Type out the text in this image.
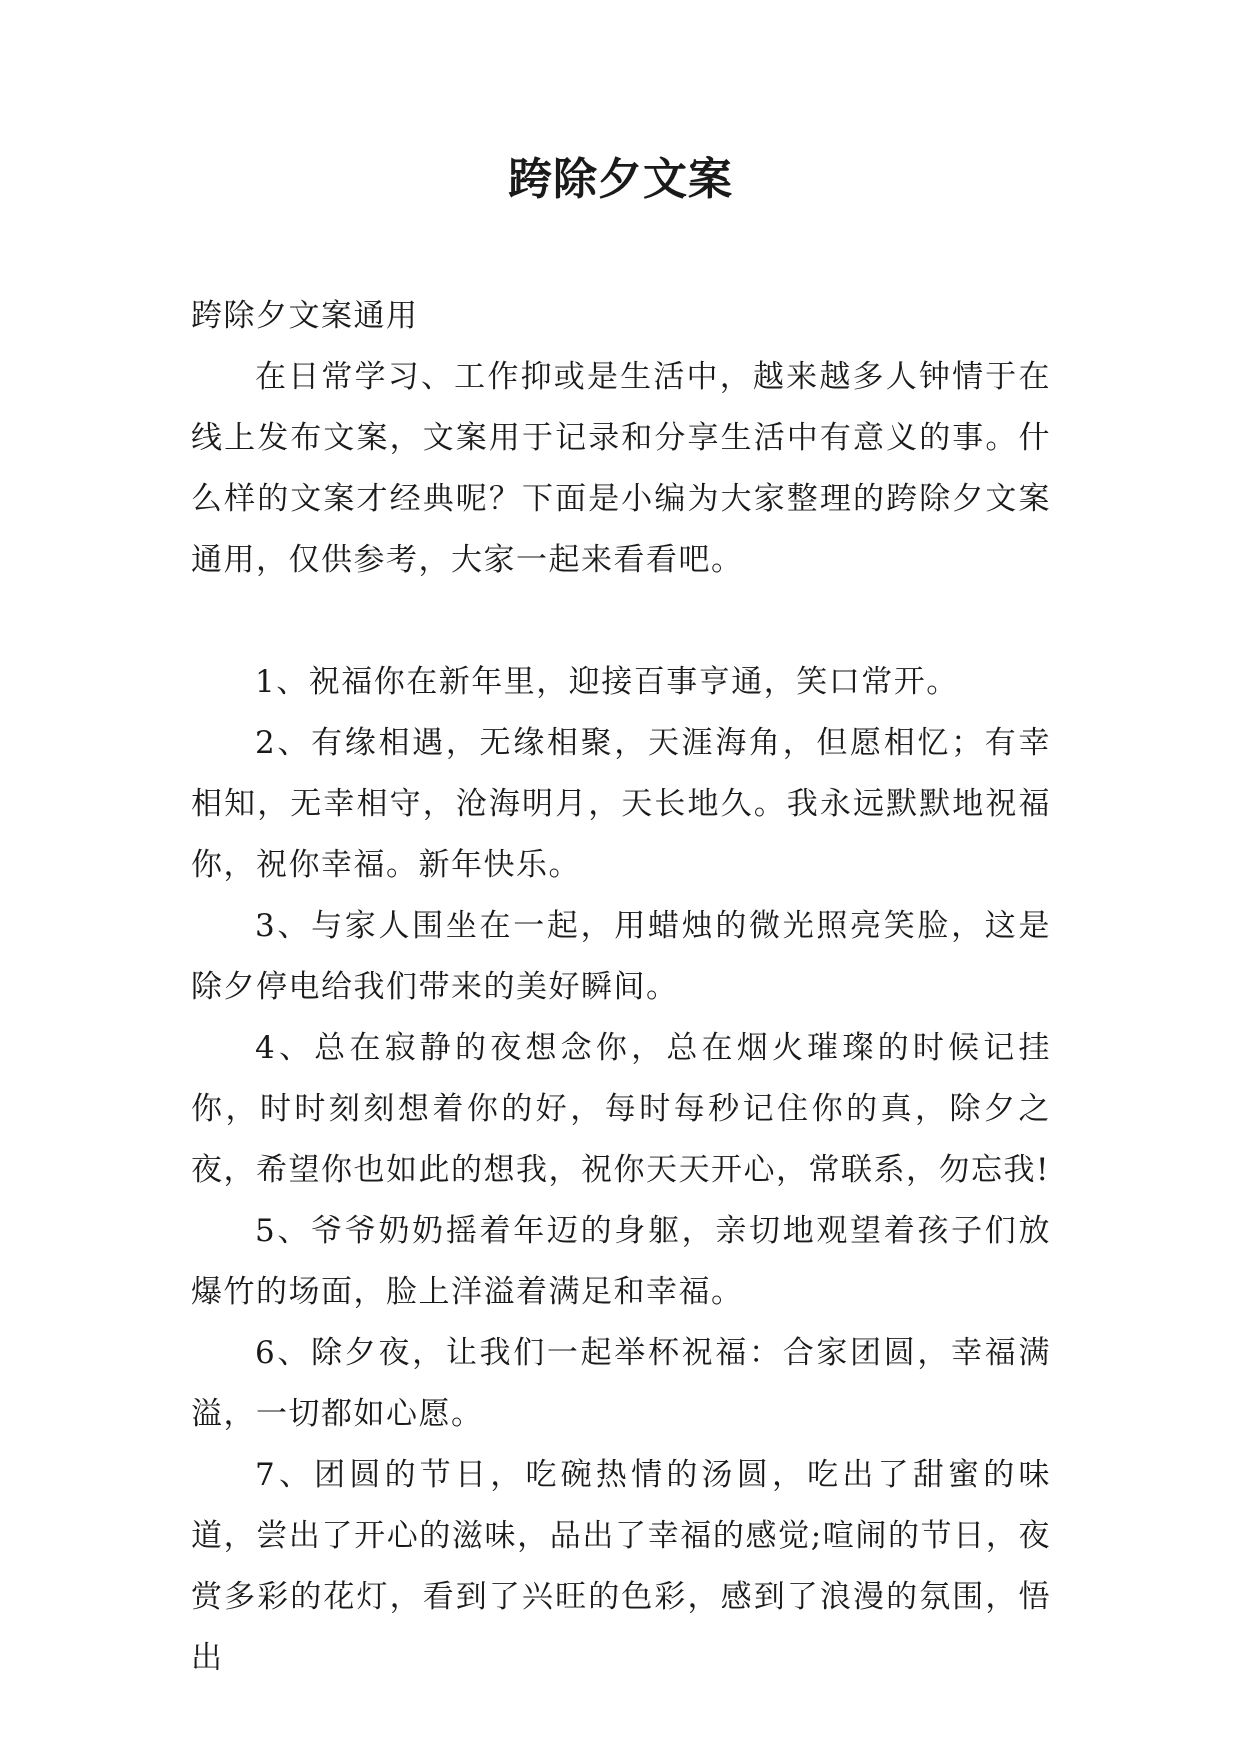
跨除夕文案

跨除夕文案通用

在日常学习、工作抑或是生活中，越来越多人钟情于在线上发布文案，文案用于记录和分享生活中有意义的事。什么样的文案才经典呢？下面是小编为大家整理的跨除夕文案通用，仅供参考，大家一起来看看吧。

1、祝福你在新年里，迎接百事亨通，笑口常开。

2、有缘相遇，无缘相聚，天涯海角，但愿相忆；有幸相知，无幸相守，沧海明月，天长地久。我永远默默地祝福你，祝你幸福。新年快乐。

3、与家人围坐在一起，用蜡烛的微光照亮笑脸，这是除夕停电给我们带来的美好瞬间。

4、总在寂静的夜想念你，总在烟火璀璨的时候记挂你，时时刻刻想着你的好，每时每秒记住你的真，除夕之夜，希望你也如此的想我，祝你天天开心，常联系，勿忘我!

5、爷爷奶奶摇着年迈的身躯，亲切地观望着孩子们放爆竹的场面，脸上洋溢着满足和幸福。

6、除夕夜，让我们一起举杯祝福：合家团圆，幸福满溢，一切都如心愿。

7、团圆的节日，吃碗热情的汤圆，吃出了甜蜜的味道，尝出了开心的滋味，品出了幸福的感觉;喧闹的节日，夜赏多彩的花灯，看到了兴旺的色彩，感到了浪漫的氛围，悟出
